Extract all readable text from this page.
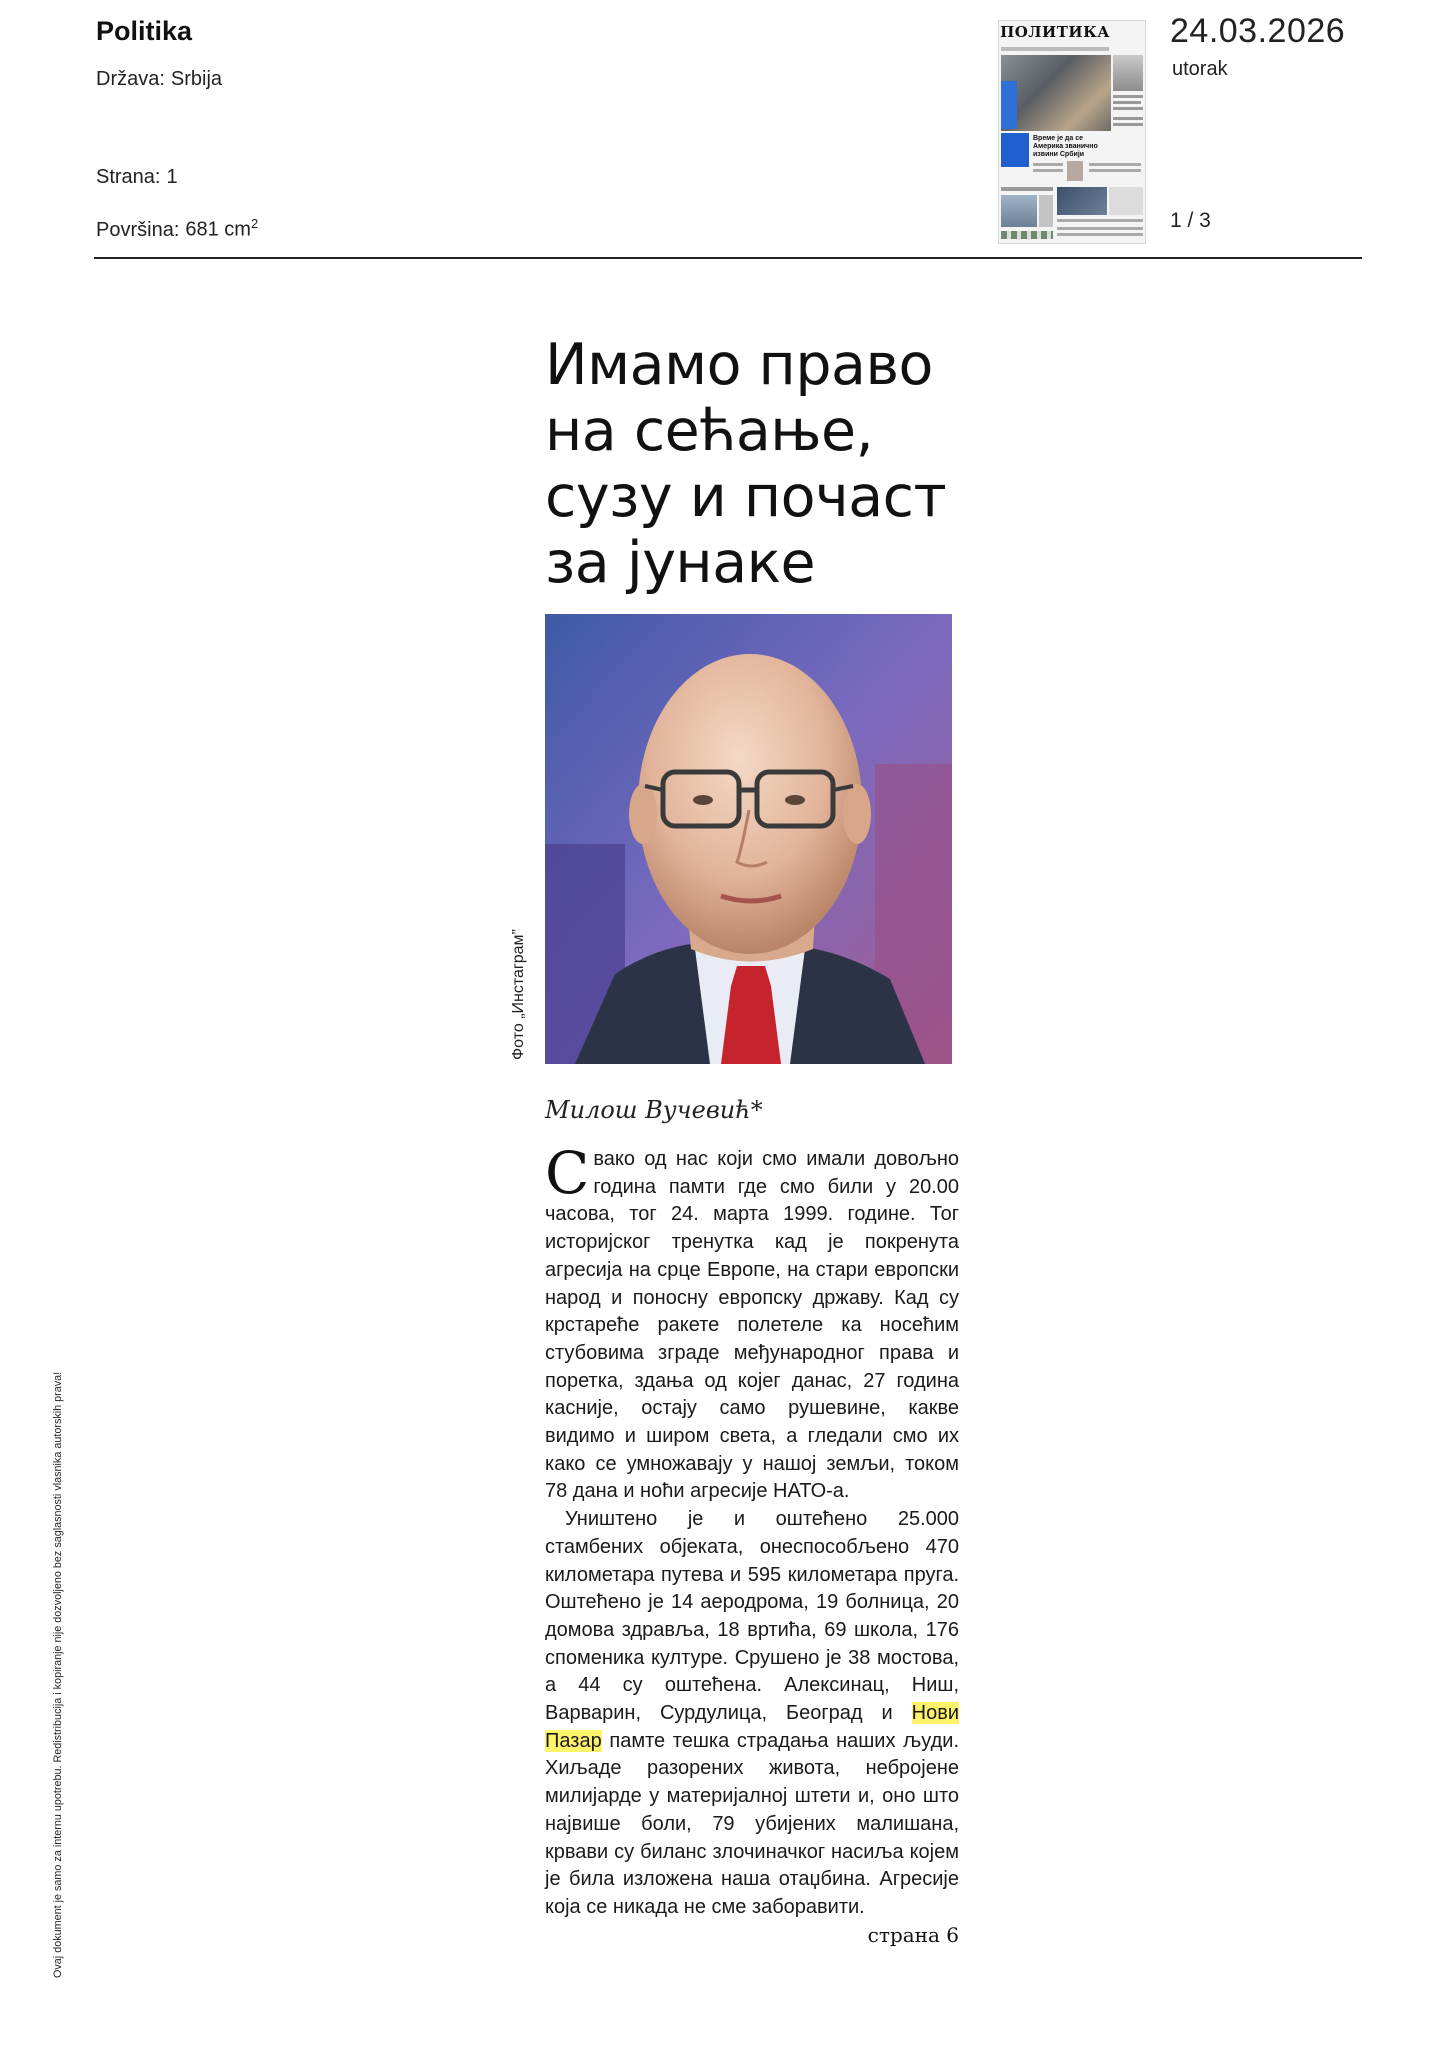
Politika
Država: Srbija
Strana: 1
Površina: 681 $cm^2$
24.03.2026
utorak
1 / 3
ПОЛИТИКА
Време је да се Америка званично извини Србији
Имамо право на сећање, сузу и почаст за јунаке
Фото „Инстаграм”
Милош Вучевић*

Свако од нас који смо имали довољно година памти где смо били у 20.00 часова, тог 24. марта 1999. године. Тог историјског тренутка кад је покренута агресија на срце Европе, на стари европски народ и поносну европску државу. Кад су крстареће ракете полетеле ка носећим стубовима зграде међународног права и поретка, здања од којег данас, 27 година касније, остају само рушевине, какве видимо и широм света, а гледали смо их како се умножавају у нашој земљи, током 78 дана и ноћи агресије НАТО-а.

Уништено је и оштећено 25.000 стамбених објеката, онеспособљено 470 километара путева и 595 километара пруга. Оштећено је 14 аеродрома, 19 болница, 20 домова здравља, 18 вртића, 69 школа, 176 споменика културе. Срушено је 38 мостова, а 44 су оштећена. Алексинац, Ниш, Варварин, Сурдулица, Београд и Нови Пазар памте тешка страдања наших људи. Хиљаде разорених живота, небројене милијарде у материјалној штети и, оно што највише боли, 79 убијених малишана, крвави су биланс злочиначког насиља којем је била изложена наша отаџбина. Агресије која се никада не сме заборавити.
страна 6

Ovaj dokument je samo za internu upotrebu. Redistribucija i kopiranje nije dozvoljeno bez saglasnosti vlasnika autorskih prava!
